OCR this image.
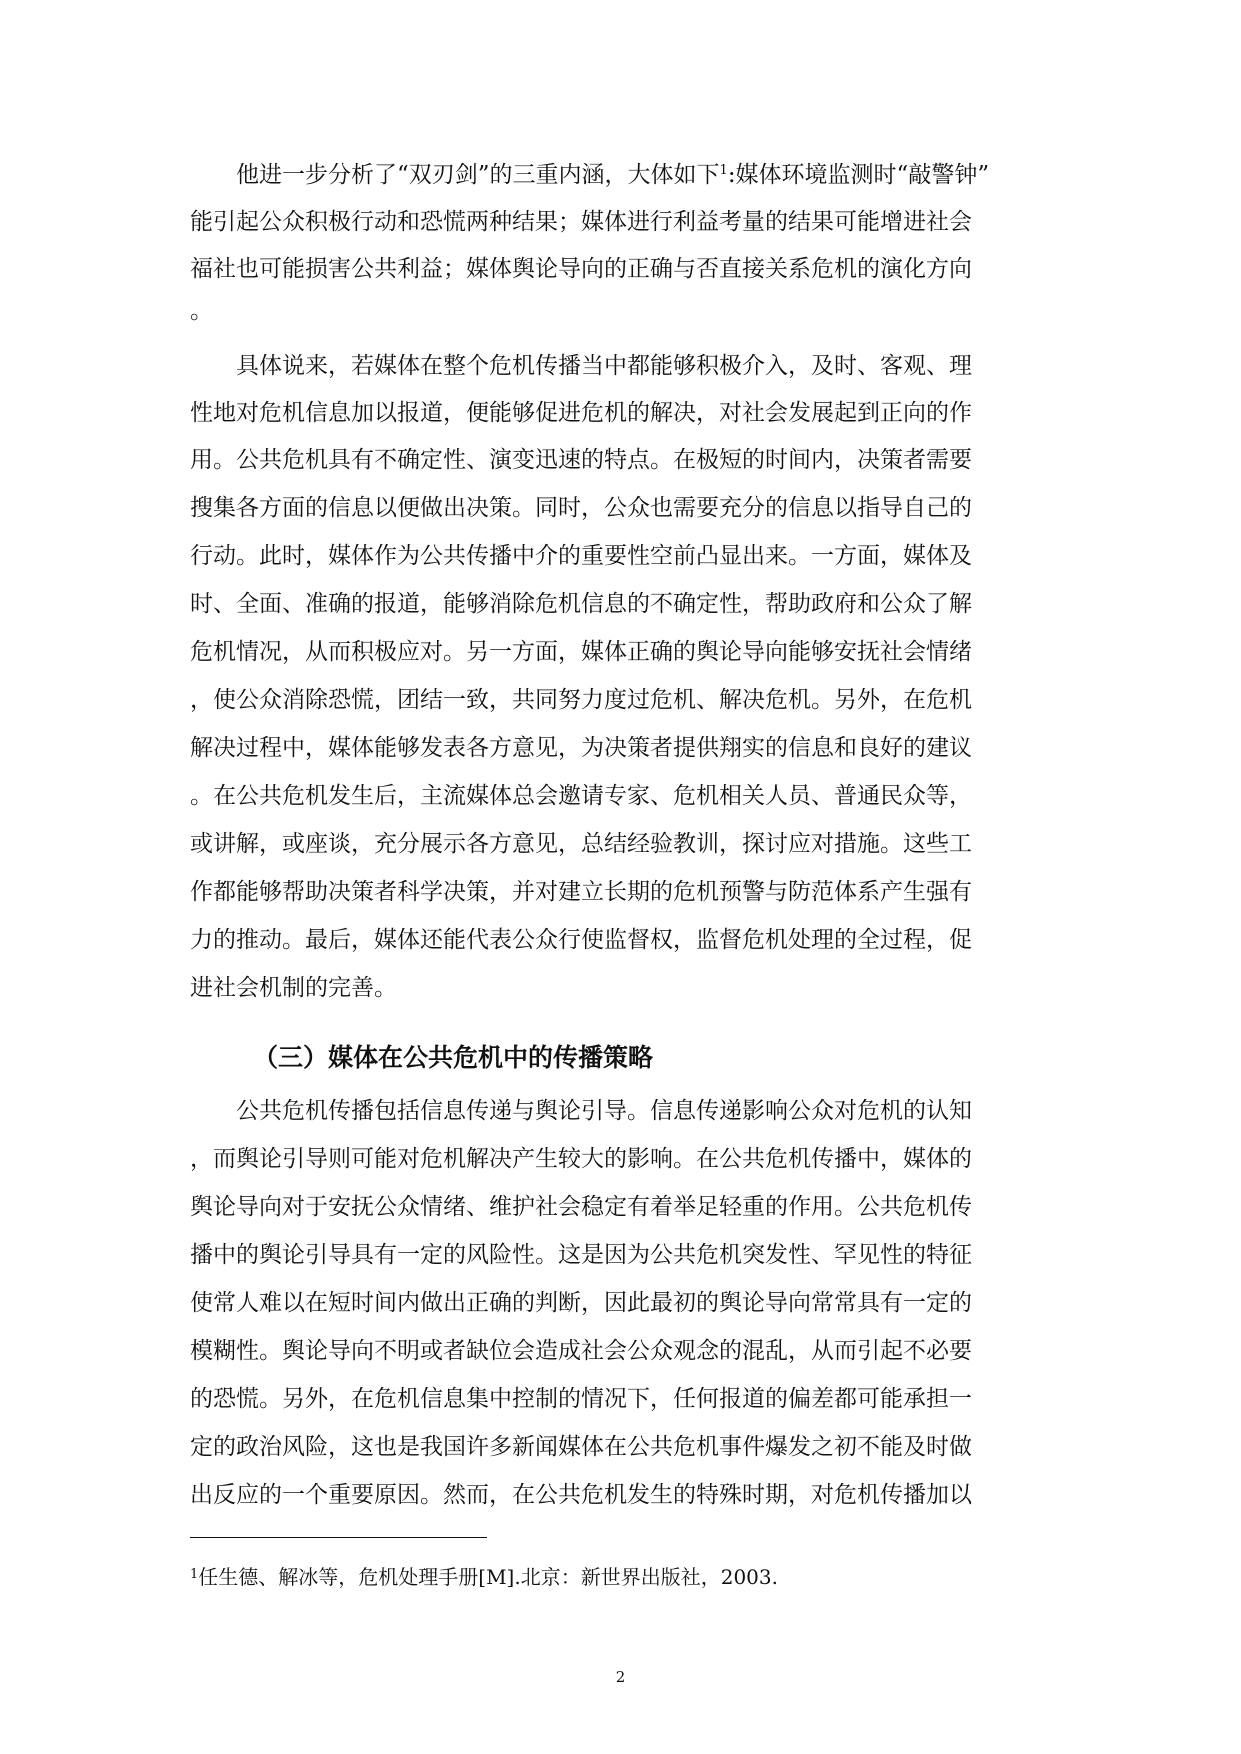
他进一步分析了“双刃剑”的三重内涵，大体如下$^1$:媒体环境监测时“敲警钟”
能引起公众积极行动和恐慌两种结果；媒体进行利益考量的结果可能增进社会
福社也可能损害公共利益；媒体舆论导向的正确与否直接关系危机的演化方向
。
具体说来，若媒体在整个危机传播当中都能够积极介入，及时、客观、理
性地对危机信息加以报道，便能够促进危机的解决，对社会发展起到正向的作
用。公共危机具有不确定性、演变迅速的特点。在极短的时间内，决策者需要
搜集各方面的信息以便做出决策。同时，公众也需要充分的信息以指导自己的
行动。此时，媒体作为公共传播中介的重要性空前凸显出来。一方面，媒体及
时、全面、准确的报道，能够消除危机信息的不确定性，帮助政府和公众了解
危机情况，从而积极应对。另一方面，媒体正确的舆论导向能够安抚社会情绪
，使公众消除恐慌，团结一致，共同努力度过危机、解决危机。另外，在危机
解决过程中，媒体能够发表各方意见，为决策者提供翔实的信息和良好的建议
。在公共危机发生后，主流媒体总会邀请专家、危机相关人员、普通民众等，
或讲解，或座谈，充分展示各方意见，总结经验教训，探讨应对措施。这些工
作都能够帮助决策者科学决策，并对建立长期的危机预警与防范体系产生强有
力的推动。最后，媒体还能代表公众行使监督权，监督危机处理的全过程，促
进社会机制的完善。
（三）媒体在公共危机中的传播策略
公共危机传播包括信息传递与舆论引导。信息传递影响公众对危机的认知
，而舆论引导则可能对危机解决产生较大的影响。在公共危机传播中，媒体的
舆论导向对于安抚公众情绪、维护社会稳定有着举足轻重的作用。公共危机传
播中的舆论引导具有一定的风险性。这是因为公共危机突发性、罕见性的特征
使常人难以在短时间内做出正确的判断，因此最初的舆论导向常常具有一定的
模糊性。舆论导向不明或者缺位会造成社会公众观念的混乱，从而引起不必要
的恐慌。另外，在危机信息集中控制的情况下，任何报道的偏差都可能承担一
定的政治风险，这也是我国许多新闻媒体在公共危机事件爆发之初不能及时做
出反应的一个重要原因。然而，在公共危机发生的特殊时期，对危机传播加以
$^1$任生德、解冰等，危机处理手册[M].北京：新世界出版社，2003.
2
